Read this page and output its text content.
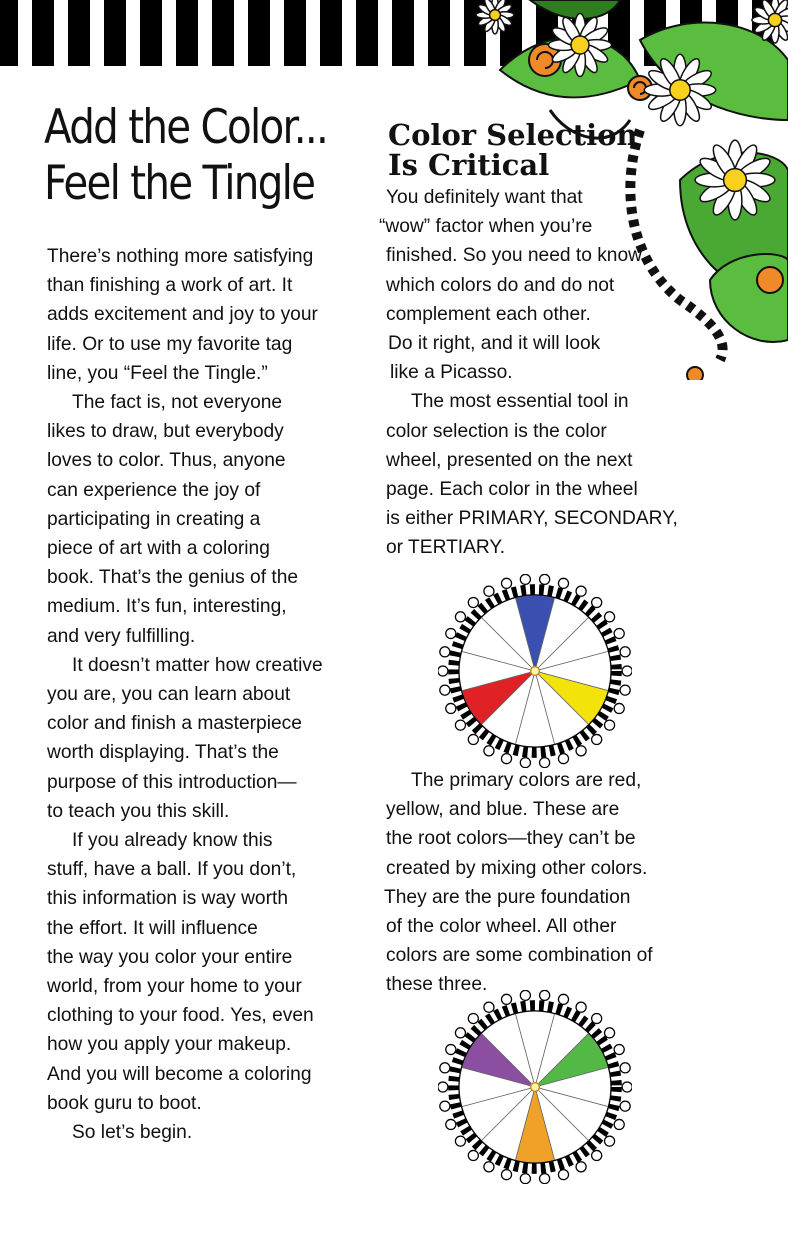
Add the Color...
Feel the Tingle
Color Selection
Is Critical
There’s nothing more satisfying
than finishing a work of art. It
adds excitement and joy to your
life. Or to use my favorite tag
line, you “Feel the Tingle.”
The fact is, not everyone
likes to draw, but everybody
loves to color. Thus, anyone
can experience the joy of
participating in creating a
piece of art with a coloring
book. That’s the genius of the
medium. It’s fun, interesting,
and very fulfilling.
It doesn’t matter how creative
you are, you can learn about
color and finish a masterpiece
worth displaying. That’s the
purpose of this introduction—
to teach you this skill.
If you already know this
stuff, have a ball. If you don’t,
this information is way worth
the effort. It will influence
the way you color your entire
world, from your home to your
clothing to your food. Yes, even
how you apply your makeup.
And you will become a coloring
book guru to boot.
So let’s begin.
You definitely want that
“wow” factor when you’re
finished. So you need to know
which colors do and do not
complement each other.
Do it right, and it will look
like a Picasso.
The most essential tool in
color selection is the color
wheel, presented on the next
page. Each color in the wheel
is either PRIMARY, SECONDARY,
or TERTIARY.
The primary colors are red,
yellow, and blue. These are
the root colors—they can’t be
created by mixing other colors.
They are the pure foundation
of the color wheel. All other
colors are some combination of
these three.
